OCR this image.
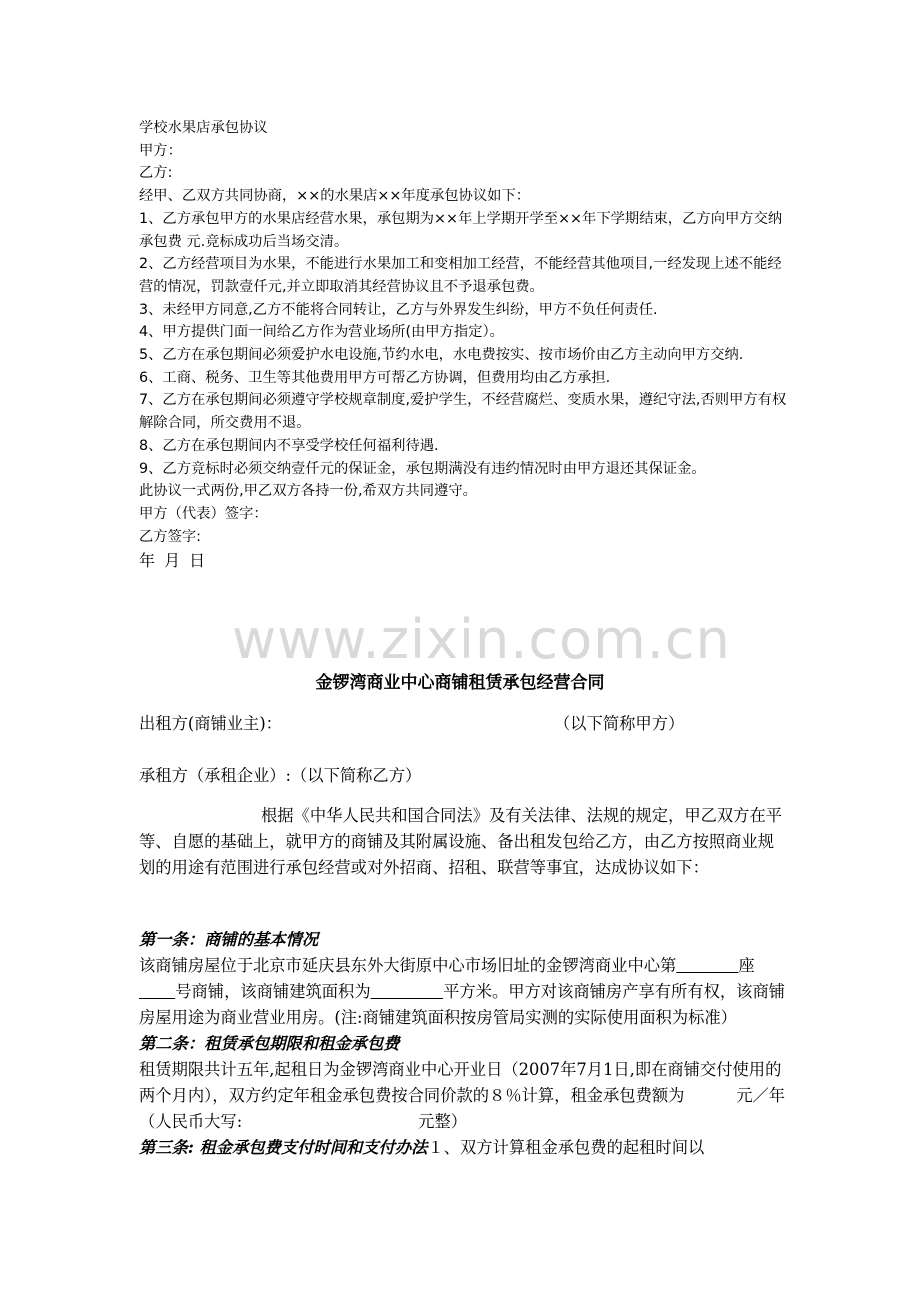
学校水果店承包协议

甲方：

乙方:

经甲、乙双方共同协商，××的水果店××年度承包协议如下：

1、乙方承包甲方的水果店经营水果，承包期为××年上学期开学至××年下学期结束，乙方向甲方交纳承包费 元.竞标成功后当场交清。

2、乙方经营项目为水果，不能进行水果加工和变相加工经营，不能经营其他项目,一经发现上述不能经营的情况，罚款壹仟元,并立即取消其经营协议且不予退承包费。

3、未经甲方同意,乙方不能将合同转让，乙方与外界发生纠纷，甲方不负任何责任.

4、甲方提供门面一间给乙方作为营业场所(由甲方指定）。

5、乙方在承包期间必须爱护水电设施,节约水电，水电费按实、按市场价由乙方主动向甲方交纳.

6、工商、税务、卫生等其他费用甲方可帮乙方协调，但费用均由乙方承担.

7、乙方在承包期间必须遵守学校规章制度,爱护学生，不经营腐烂、变质水果，遵纪守法,否则甲方有权解除合同，所交费用不退。

8、乙方在承包期间内不享受学校任何福利待遇.

9、乙方竞标时必须交纳壹仟元的保证金，承包期满没有违约情况时由甲方退还其保证金。

此协议一式两份,甲乙双方各持一份,希双方共同遵守。

甲方（代表）签字：

乙方签字:

年 月 日

www.zixin.com.cn
金锣湾商业中心商铺租赁承包经营合同
出租方(商铺业主)：	（以下简称甲方）
承租方（承租企业）:（以下简称乙方）

根据《中华人民共和国合同法》及有关法律、法规的规定，甲乙双方在平等、自愿的基础上，就甲方的商铺及其附属设施、备出租发包给乙方，由乙方按照商业规划的用途有范围进行承包经营或对外招商、招租、联营等事宜，达成协议如下：

第一条：商铺的基本情况

该商铺房屋位于北京市延庆县东外大街原中心市场旧址的金锣湾商业中心第	座       号商铺，该商铺建筑面积为	平方米。甲方对该商铺房产享有所有权，该商铺房屋用途为商业营业用房。(注:商铺建筑面积按房管局实测的实际使用面积为标准）

第二条：租赁承包期限和租金承包费

租赁期限共计五年,起租日为金锣湾商业中心开业日（2007年7月1日,即在商铺交付使用的两个月内），双方约定年租金承包费按合同价款的８％计算，租金承包费额为	元／年（人民币大写:	元整）

第三条: 租金承包费支付时间和支付办法１、双方计算租金承包费的起租时间以
